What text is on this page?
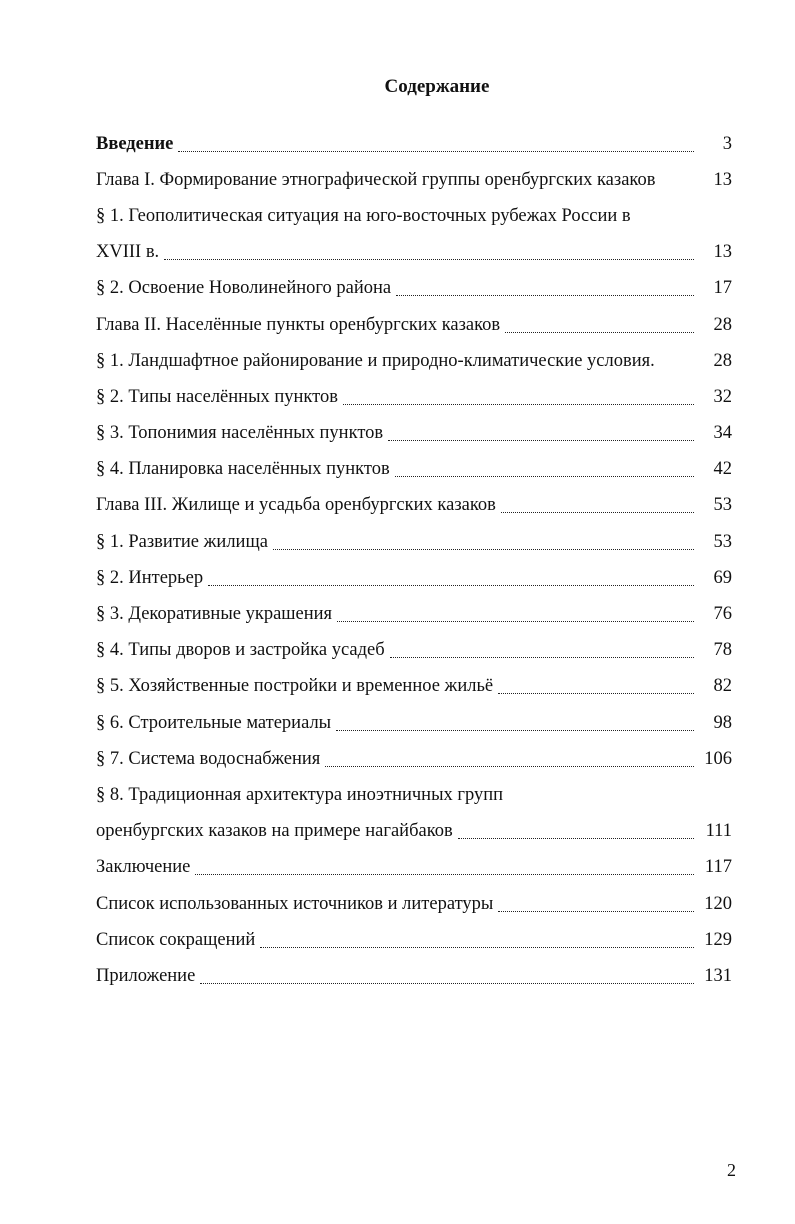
Содержание
Введение	3
Глава I. Формирование этнографической группы оренбургских казаков	13
§ 1. Геополитическая ситуация на юго-восточных рубежах России в
XVIII в.	13
§ 2. Освоение Новолинейного района	17
Глава II. Населённые пункты оренбургских казаков	28
§ 1. Ландшафтное районирование и природно-климатические условия.	28
§ 2. Типы населённых пунктов	32
§ 3. Топонимия населённых пунктов	34
§ 4. Планировка населённых пунктов	42
Глава III. Жилище и усадьба оренбургских казаков	53
§ 1. Развитие жилища	53
§ 2. Интерьер	69
§ 3. Декоративные украшения	76
§ 4. Типы дворов и застройка усадеб	78
§ 5. Хозяйственные постройки и временное жильё	82
§ 6. Строительные материалы	98
§ 7. Система водоснабжения	106
§ 8. Традиционная архитектура иноэтничных групп
оренбургских казаков на примере нагайбаков	111
Заключение	117
Список использованных источников и литературы	120
Список сокращений	129
Приложение	131
2
